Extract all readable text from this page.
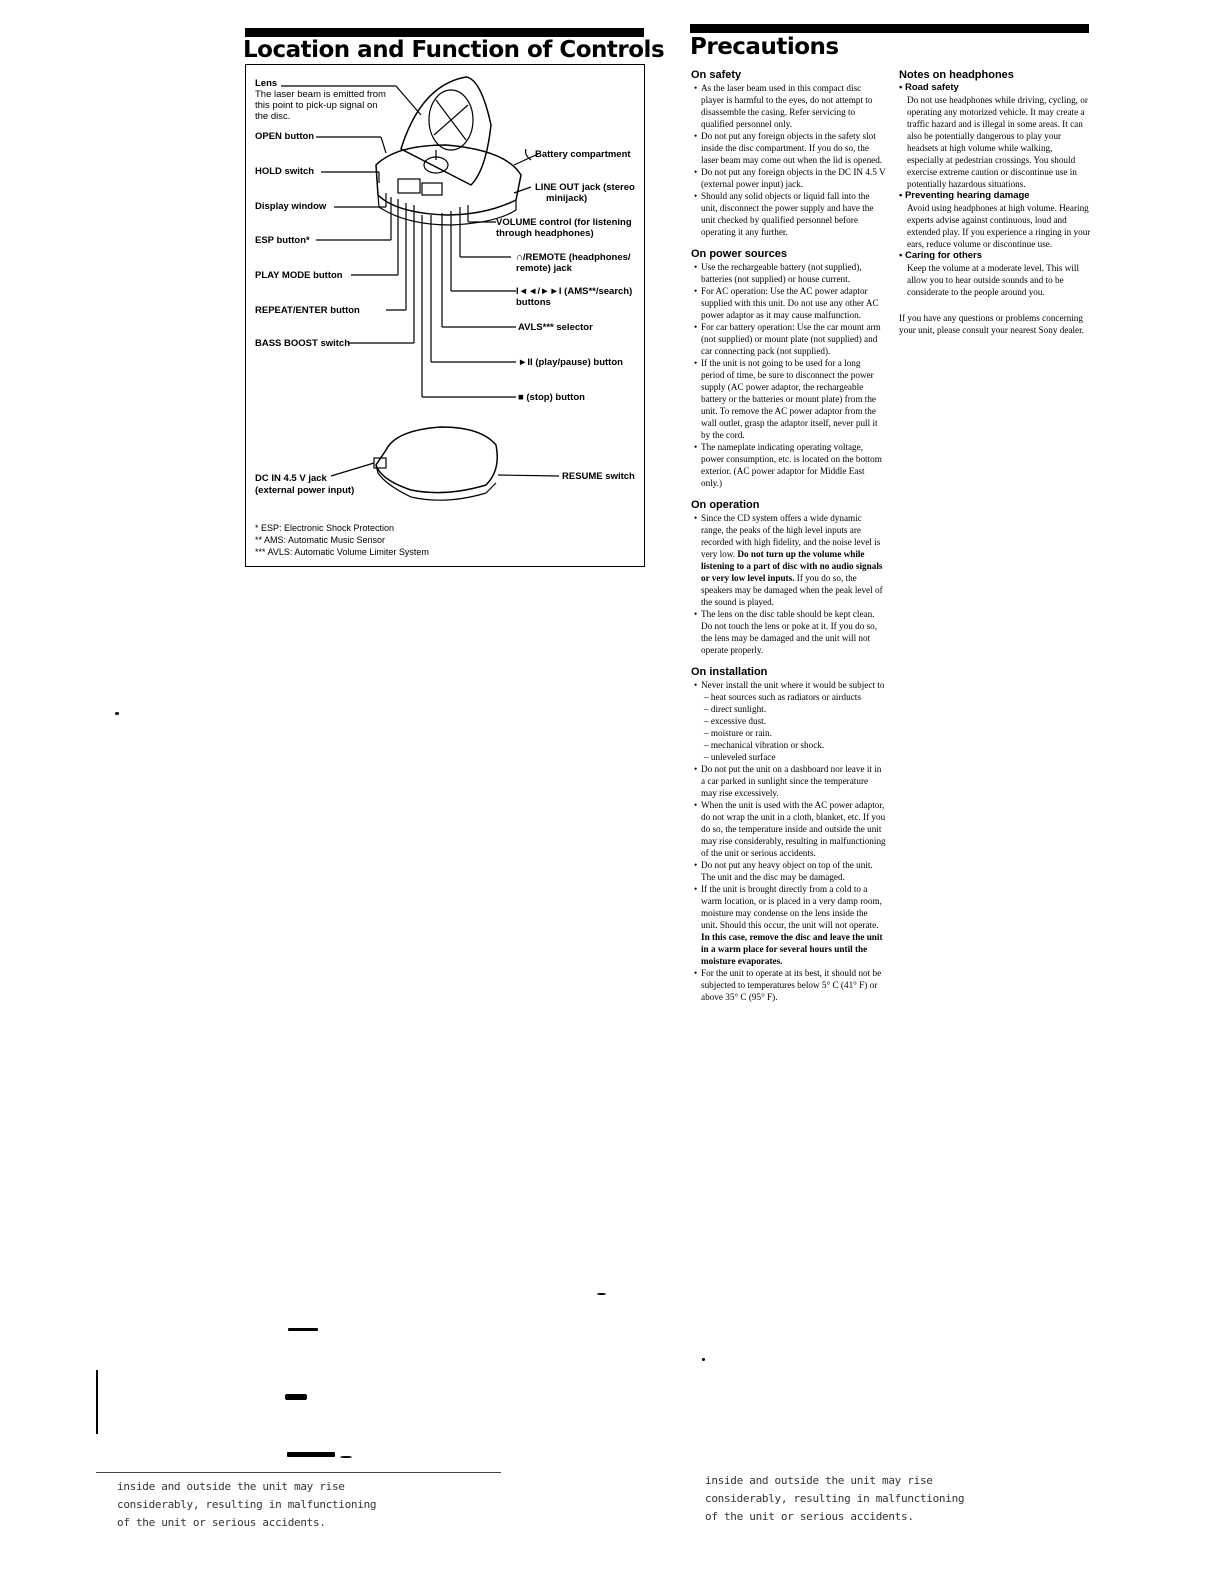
Location and Function of Controls
Lens
The laser beam is emitted from
this point to pick-up signal on
the disc.
OPEN button
HOLD switch
Display window
ESP button*
PLAY MODE button
REPEAT/ENTER button
BASS BOOST switch
Battery compartment
LINE OUT jack (stereo
minijack)
VOLUME control (for listening
through headphones)
∩/REMOTE (headphones/
remote) jack
I◄◄/►►I (AMS**/search)
buttons
AVLS*** selector
►II (play/pause) button
■ (stop) button
DC IN 4.5 V jack
(external power input)
RESUME switch
* ESP: Electronic Shock Protection
** AMS: Automatic Music Sensor
*** AVLS: Automatic Volume Limiter System
Precautions
On safety

• As the laser beam used in this compact disc player is harmful to the eyes, do not attempt to disassemble the casing. Refer servicing to qualified personnel only.

• Do not put any foreign objects in the safety slot inside the disc compartment. If you do so, the laser beam may come out when the lid is opened.

• Do not put any foreign objects in the DC IN 4.5 V (external power input) jack.

• Should any solid objects or liquid fall into the unit, disconnect the power supply and have the unit checked by qualified personnel before operating it any further.

On power sources

• Use the rechargeable battery (not supplied), batteries (not supplied) or house current.

• For AC operation: Use the AC power adaptor supplied with this unit. Do not use any other AC power adaptor as it may cause malfunction.

• For car battery operation: Use the car mount arm (not supplied) or mount plate (not supplied) and car connecting pack (not supplied).

• If the unit is not going to be used for a long period of time, be sure to disconnect the power supply (AC power adaptor, the rechargeable battery or the batteries or mount plate) from the unit. To remove the AC power adaptor from the wall outlet, grasp the adaptor itself, never pull it by the cord.

• The nameplate indicating operating voltage, power consumption, etc. is located on the bottom exterior. (AC power adaptor for Middle East only.)

On operation

• Since the CD system offers a wide dynamic range, the peaks of the high level inputs are recorded with high fidelity, and the noise level is very low. Do not turn up the volume while listening to a part of disc with no audio signals or very low level inputs. If you do so, the speakers may be damaged when the peak level of the sound is played.

• The lens on the disc table should be kept clean. Do not touch the lens or poke at it. If you do so, the lens may be damaged and the unit will not operate properly.

On installation

• Never install the unit where it would be subject to

– heat sources such as radiators or airducts
– direct sunlight.
– excessive dust.
– moisture or rain.
– mechanical vibration or shock.
– unleveled surface

• Do not put the unit on a dashboard nor leave it in a car parked in sunlight since the temperature may rise excessively.

• When the unit is used with the AC power adaptor, do not wrap the unit in a cloth, blanket, etc. If you do so, the temperature inside and outside the unit may rise considerably, resulting in malfunctioning of the unit or serious accidents.

• Do not put any heavy object on top of the unit. The unit and the disc may be damaged.

• If the unit is brought directly from a cold to a warm location, or is placed in a very damp room, moisture may condense on the lens inside the unit. Should this occur, the unit will not operate. In this case, remove the disc and leave the unit in a warm place for several hours until the moisture evaporates.

• For the unit to operate at its best, it should not be subjected to temperatures below 5° C (41° F) or above 35° C (95° F).

Notes on headphones
• Road safety
Do not use headphones while driving, cycling, or operating any motorized vehicle. It may create a traffic hazard and is illegal in some areas. It can also be potentially dangerous to play your headsets at high volume while walking, especially at pedestrian crossings. You should exercise extreme caution or discontinue use in potentially hazardous situations.
• Preventing hearing damage
Avoid using headphones at high volume. Hearing experts advise against continuous, loud and extended play. If you experience a ringing in your ears, reduce volume or discontinue use.
• Caring for others
Keep the volume at a moderate level. This will allow you to hear outside sounds and to be considerate to the people around you.
If you have any questions or problems concerning your unit, please consult your nearest Sony dealer.
inside and outside the unit may rise
considerably, resulting in malfunctioning
of the unit or serious accidents.
inside and outside the unit may rise
considerably, resulting in malfunctioning
of the unit or serious accidents.
